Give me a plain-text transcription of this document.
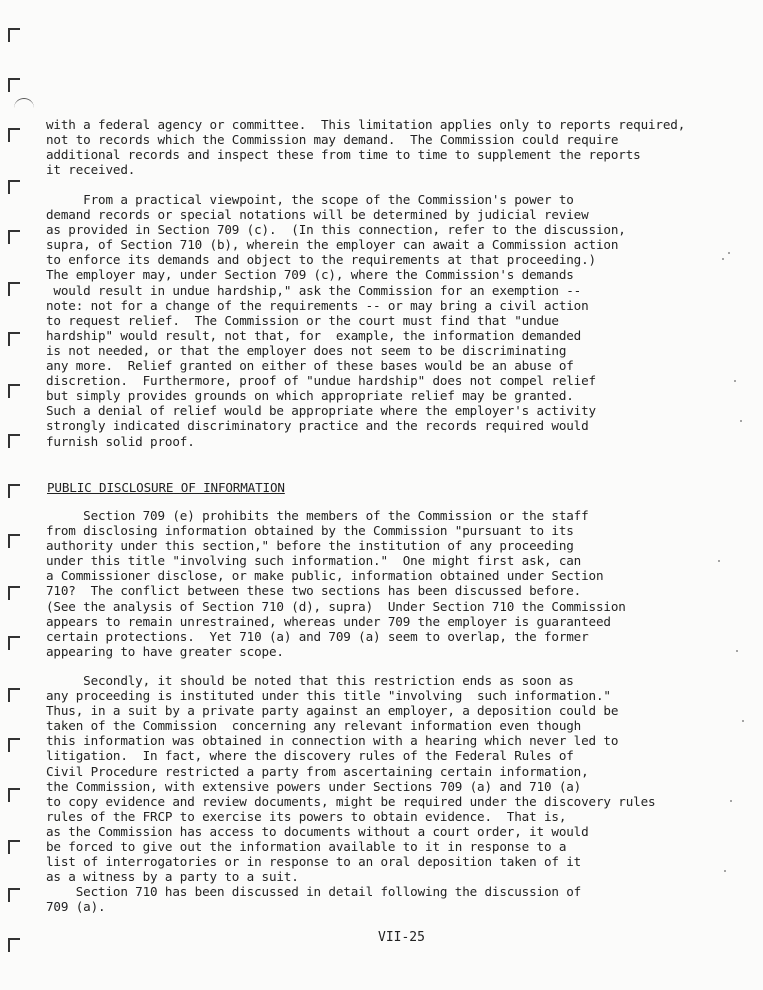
with a federal agency or committee.  This limitation applies only to reports required,
not to records which the Commission may demand.  The Commission could require
additional records and inspect these from time to time to supplement the reports
it received.
From a practical viewpoint, the scope of the Commission's power to
demand records or special notations will be determined by judicial review
as provided in Section 709 (c).  (In this connection, refer to the discussion,
supra, of Section 710 (b), wherein the employer can await a Commission action
to enforce its demands and object to the requirements at that proceeding.)
The employer may, under Section 709 (c), where the Commission's demands
would result in undue hardship," ask the Commission for an exemption --
note: not for a change of the requirements -- or may bring a civil action
to request relief.  The Commission or the court must find that "undue
hardship" would result, not that, for  example, the information demanded
is not needed, or that the employer does not seem to be discriminating
any more.  Relief granted on either of these bases would be an abuse of
discretion.  Furthermore, proof of "undue hardship" does not compel relief
but simply provides grounds on which appropriate relief may be granted.
Such a denial of relief would be appropriate where the employer's activity
strongly indicated discriminatory practice and the records required would
furnish solid proof.
PUBLIC DISCLOSURE OF INFORMATION
Section 709 (e) prohibits the members of the Commission or the staff
from disclosing information obtained by the Commission "pursuant to its
authority under this section," before the institution of any proceeding
under this title "involving such information."  One might first ask, can
a Commissioner disclose, or make public, information obtained under Section
710?  The conflict between these two sections has been discussed before.
(See the analysis of Section 710 (d), supra)  Under Section 710 the Commission
appears to remain unrestrained, whereas under 709 the employer is guaranteed
certain protections.  Yet 710 (a) and 709 (a) seem to overlap, the former
appearing to have greater scope.
Secondly, it should be noted that this restriction ends as soon as
any proceeding is instituted under this title "involving  such information."
Thus, in a suit by a private party against an employer, a deposition could be
taken of the Commission  concerning any relevant information even though
this information was obtained in connection with a hearing which never led to
litigation.  In fact, where the discovery rules of the Federal Rules of
Civil Procedure restricted a party from ascertaining certain information,
the Commission, with extensive powers under Sections 709 (a) and 710 (a)
to copy evidence and review documents, might be required under the discovery rules
rules of the FRCP to exercise its powers to obtain evidence.  That is,
as the Commission has access to documents without a court order, it would
be forced to give out the information available to it in response to a
list of interrogatories or in response to an oral deposition taken of it
as a witness by a party to a suit.
Section 710 has been discussed in detail following the discussion of
709 (a).
VII-25
